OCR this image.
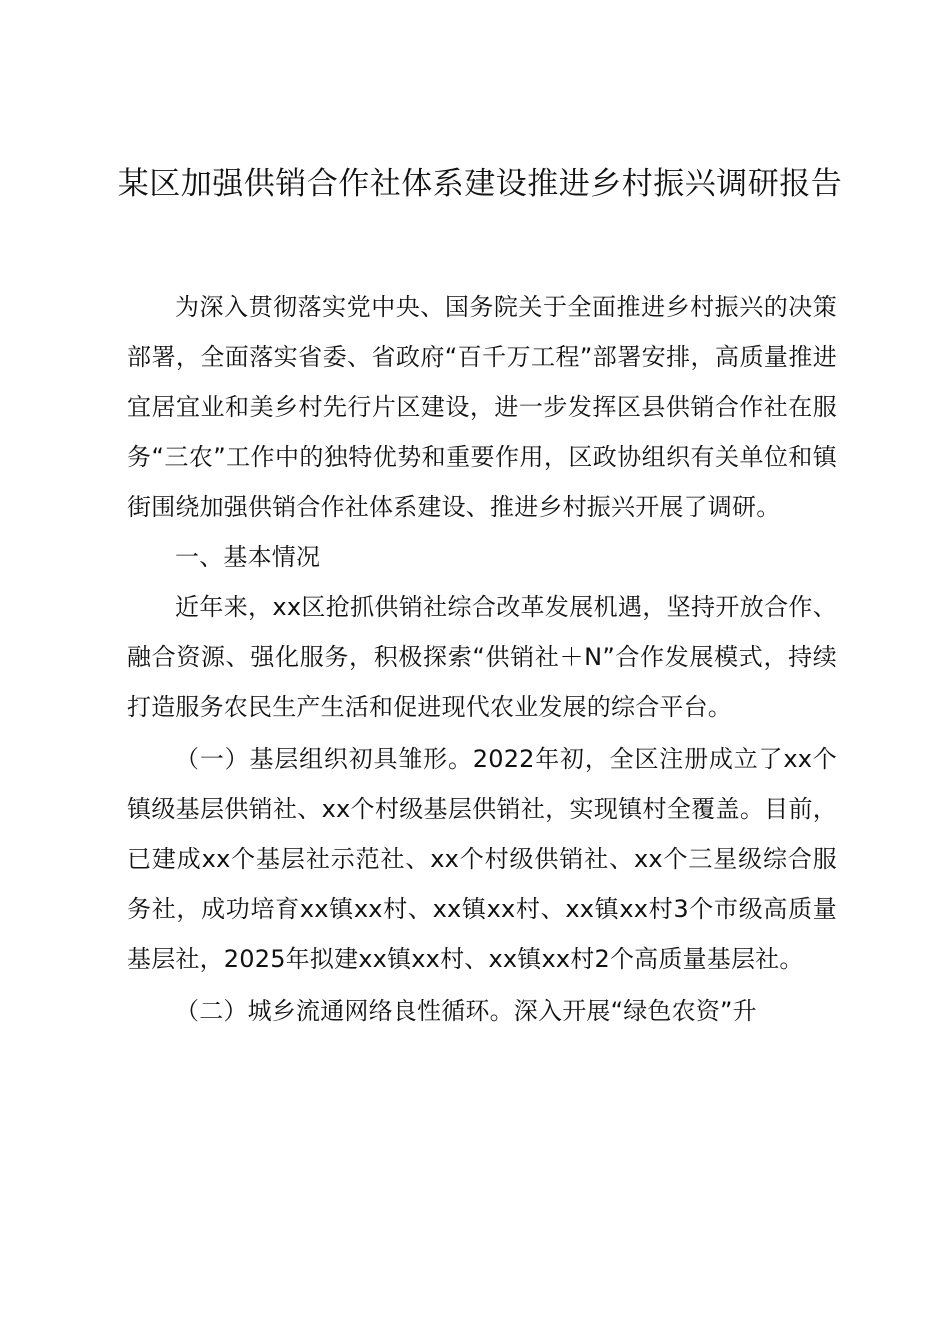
某区加强供销合作社体系建设推进乡村振兴调研报告

为深入贯彻落实党中央、国务院关于全面推进乡村振兴的决策部署，全面落实省委、省政府“百千万工程”部署安排，高质量推进宜居宜业和美乡村先行片区建设，进一步发挥区县供销合作社在服务“三农”工作中的独特优势和重要作用，区政协组织有关单位和镇街围绕加强供销合作社体系建设、推进乡村振兴开展了调研。

一、基本情况

近年来，xx区抢抓供销社综合改革发展机遇，坚持开放合作、融合资源、强化服务，积极探索“供销社＋N”合作发展模式，持续打造服务农民生产生活和促进现代农业发展的综合平台。

（一）基层组织初具雏形。2022年初，全区注册成立了xx个镇级基层供销社、xx个村级基层供销社，实现镇村全覆盖。目前，已建成xx个基层社示范社、xx个村级供销社、xx个三星级综合服务社，成功培育xx镇xx村、xx镇xx村、xx镇xx村3个市级高质量基层社，2025年拟建xx镇xx村、xx镇xx村2个高质量基层社。

（二）城乡流通网络良性循环。深入开展“绿色农资”升
